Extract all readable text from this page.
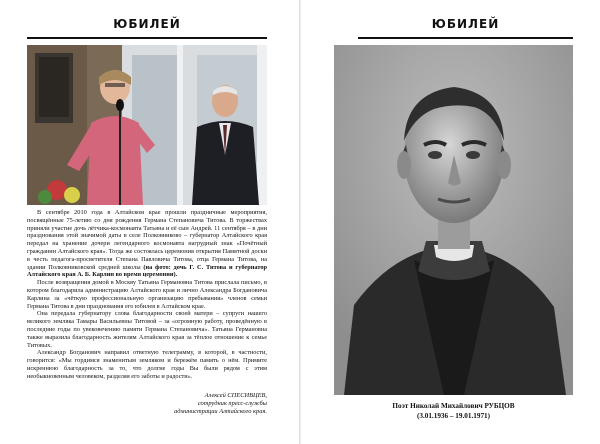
ЮБИЛЕЙ

В сентябре 2010 года в Алтайском крае прошли праздничные мероприятия, посвящённые 75-летию со дня рождения Германа Степановича Титова. В торжествах приняли участие дочь лётчика-космонавта Татьяна и её сын Андрей. 11 сентября – в дни празднования этой значимой даты в селе Полковниково – губернатор Алтайского края передал на хранение дочери легендарного космонавта нагрудный знак «Почётный гражданин Алтайского края». Тогда же состоялась церемония открытия Памятной доски в честь педагога-просветителя Степана Павловича Титова, отца Германа Титова, на здании Полковниковской средней школы (на фото: дочь Г. С. Титова и губернатор Алтайского края А. Б. Карлин во время церемонии).

После возвращения домой в Москву Татьяна Германовна Титова прислала письмо, в котором благодарила администрацию Алтайского края и лично Александра Богдановича Карлина за «чёткую профессиональную организацию пребывания» членов семьи Германа Титова в дни празднования его юбилея в Алтайском крае.

Она передала губернатору слова благодарности своей матери – супруги нашего великого земляка Тамары Васильевны Титовой – за «огромную работу, проведённую в последние годы по увековечению памяти Германа Степановича». Татьяна Германовна также выразила благодарность жителям Алтайского края за тёплое отношение к семье Титовых.

Александр Богданович направил ответную телеграмму, в которой, в частности, говорится: «Мы гордимся знаменитым земляком и бережём память о нём. Примите искреннюю благодарность за то, что долгие годы Вы были рядом с этим необыкновенным человеком, разделяя его заботы и радости».

Алексей СПЕСИВЦЕВ,
сотрудник пресс-службы
администрации Алтайского края.
ЮБИЛЕЙ
Поэт Николай Михайлович РУБЦОВ
(3.01.1936 – 19.01.1971)
